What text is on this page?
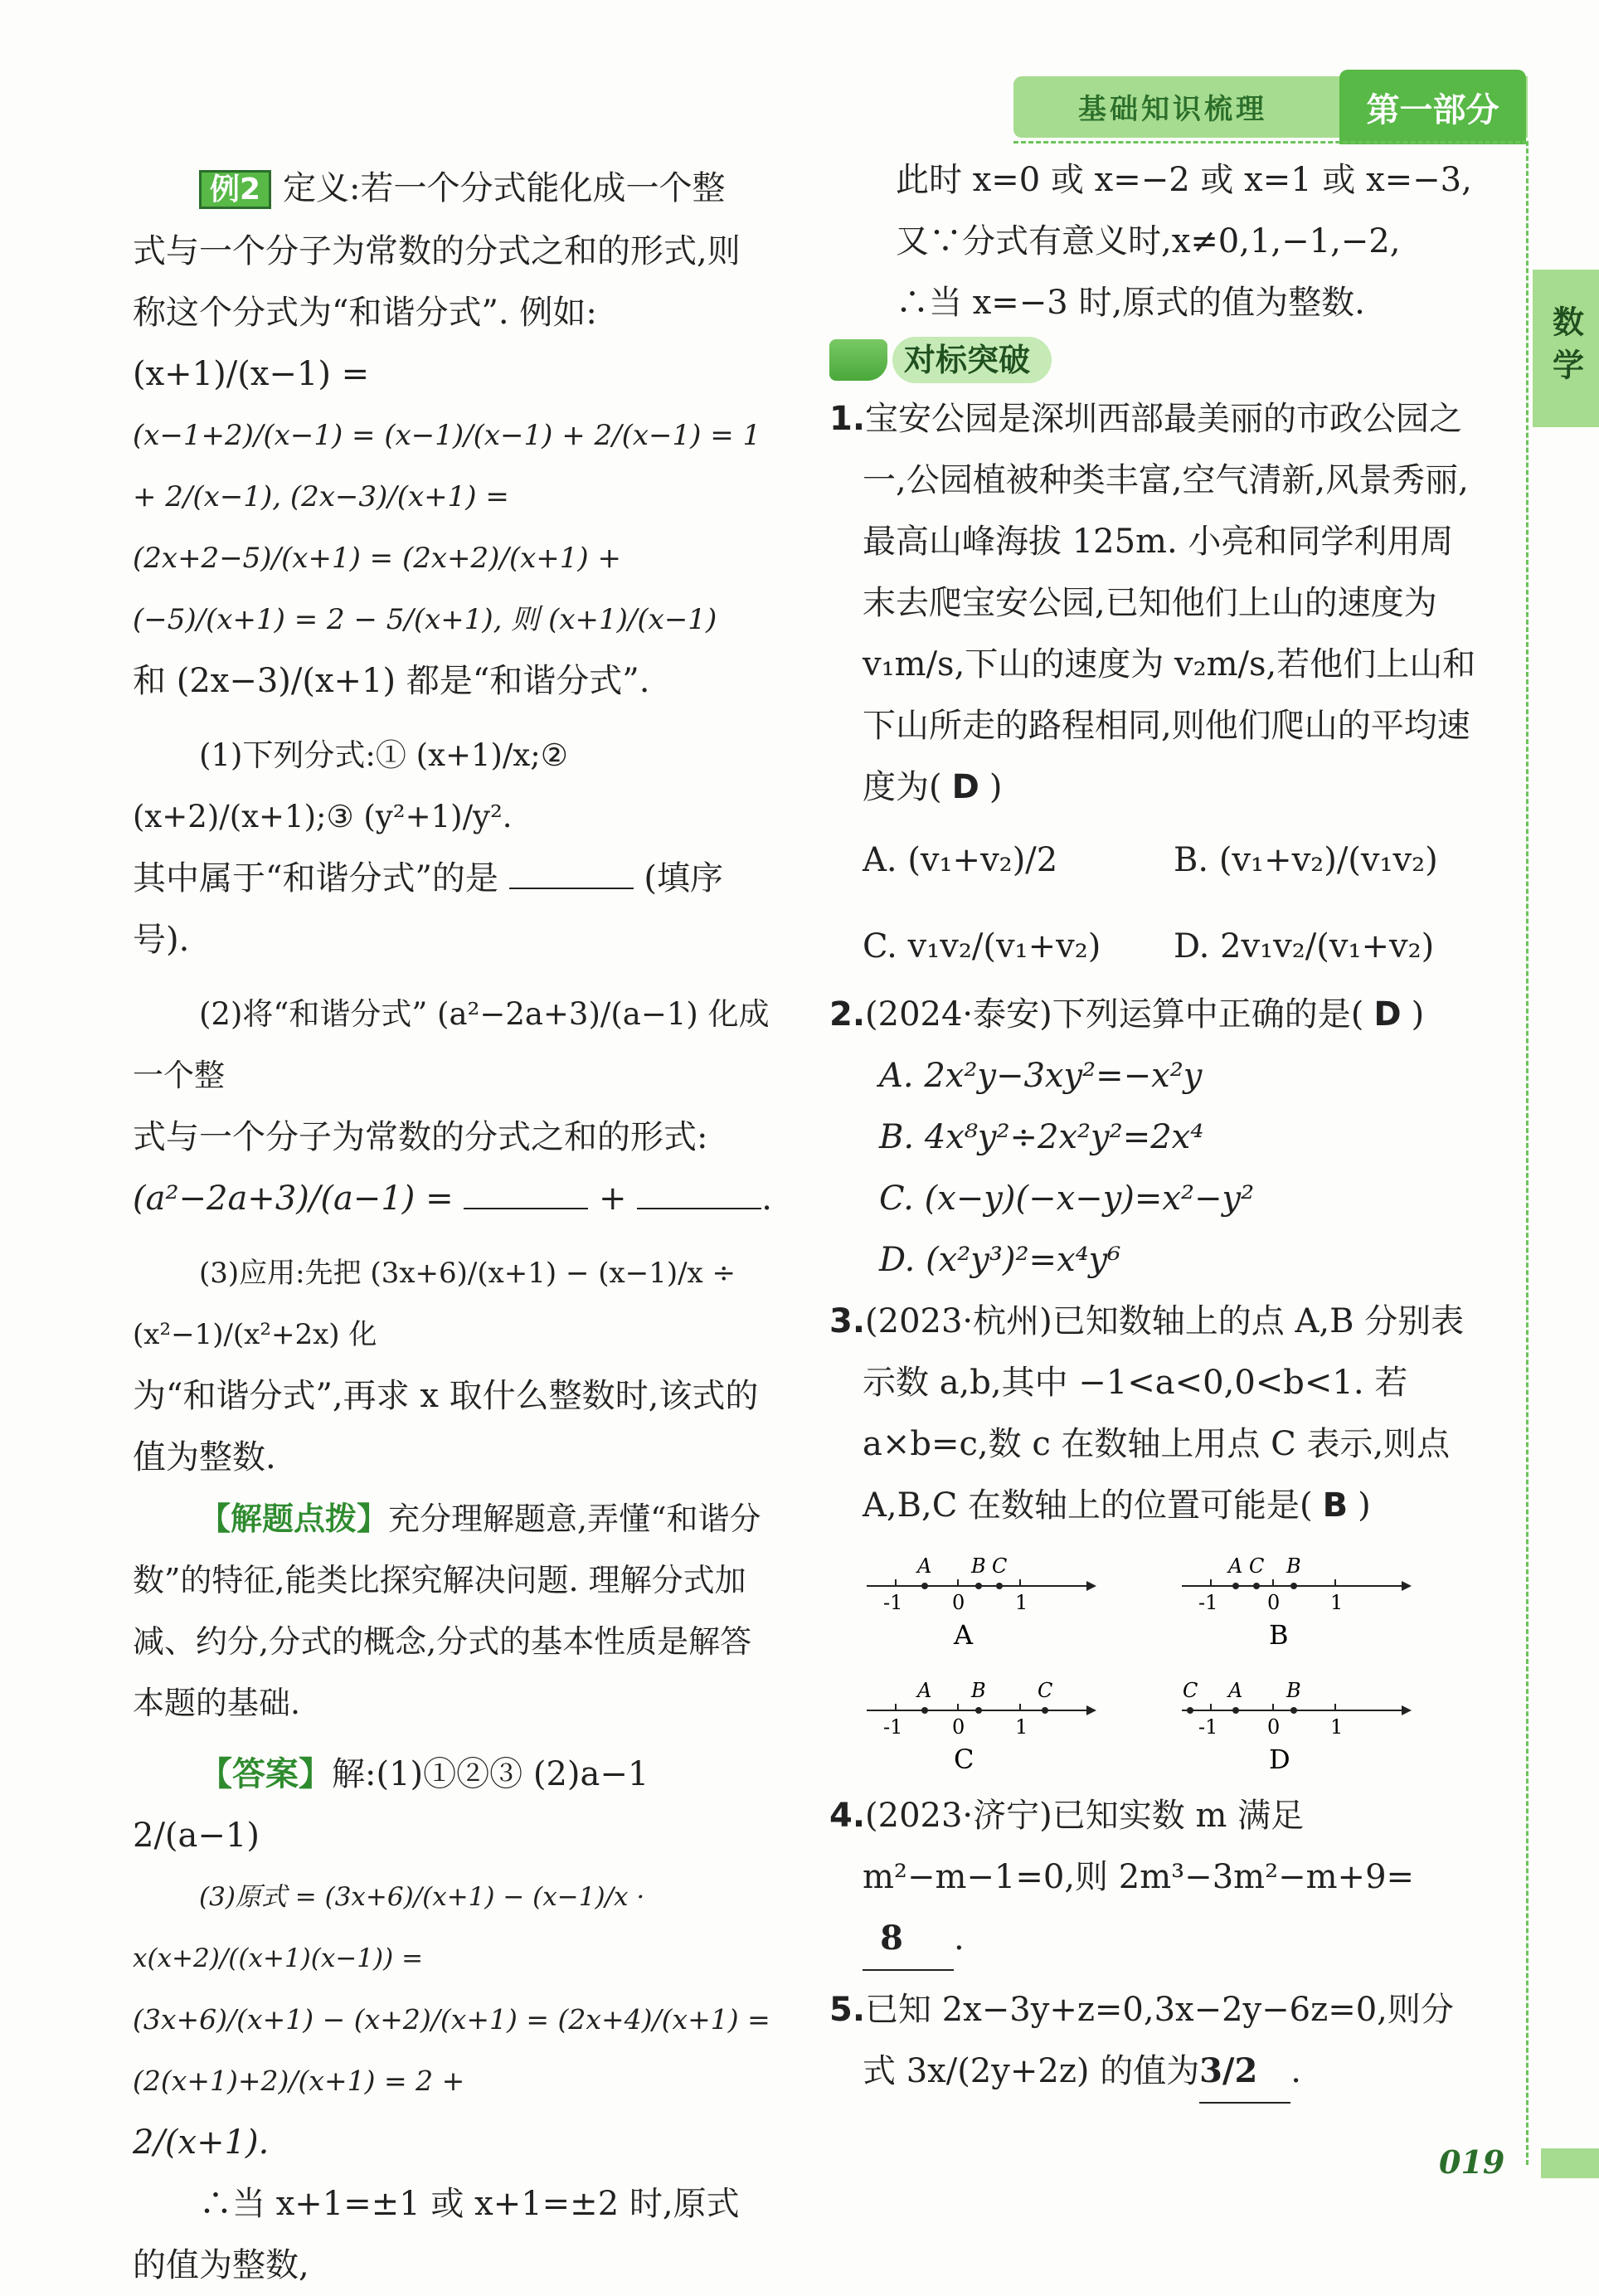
基础知识梳理	第一部分
数学
019

例2 定义:若一个分式能化成一个整

式与一个分子为常数的分式之和的形式,则

称这个分式为“和谐分式”. 例如: (x+1)/(x−1) =

(x−1+2)/(x−1) = (x−1)/(x−1) + 2/(x−1) = 1 + 2/(x−1), (2x−3)/(x+1) =

(2x+2−5)/(x+1) = (2x+2)/(x+1) + (−5)/(x+1) = 2 − 5/(x+1), 则 (x+1)/(x−1)

和 (2x−3)/(x+1) 都是“和谐分式”.

(1)下列分式:① (x+1)/x;② (x+2)/(x+1);③ (y²+1)/y².

其中属于“和谐分式”的是	(填序号).

(2)将“和谐分式” (a²−2a+3)/(a−1) 化成一个整

式与一个分子为常数的分式之和的形式:

(a²−2a+3)/(a−1) =	+	.

(3)应用:先把 (3x+6)/(x+1) − (x−1)/x ÷ (x²−1)/(x²+2x) 化

为“和谐分式”,再求 x 取什么整数时,该式的

值为整数.

【解题点拨】充分理解题意,弄懂“和谐分数”的特征,能类比探究解决问题. 理解分式加减、约分,分式的概念,分式的基本性质是解答本题的基础.

【答案】解:(1)①②③ (2)a−1 2/(a−1)

(3)原式 = (3x+6)/(x+1) − (x−1)/x · x(x+2)/((x+1)(x−1)) =

(3x+6)/(x+1) − (x+2)/(x+1) = (2x+4)/(x+1) = (2(x+1)+2)/(x+1) = 2 +

2/(x+1).

∴当 x+1=±1 或 x+1=±2 时,原式

的值为整数,

此时 x=0 或 x=−2 或 x=1 或 x=−3,

又∵分式有意义时,x≠0,1,−1,−2,

∴当 x=−3 时,原式的值为整数.

对标突破

1.宝安公园是深圳西部最美丽的市政公园之一,公园植被种类丰富,空气清新,风景秀丽,最高山峰海拔 125m. 小亮和同学利用周末去爬宝安公园,已知他们上山的速度为 v₁m/s,下山的速度为 v₂m/s,若他们上山和下山所走的路程相同,则他们爬山的平均速度为( D )

A. (v₁+v₂)/2	B. (v₁+v₂)/(v₁v₂)
C. v₁v₂/(v₁+v₂)	D. 2v₁v₂/(v₁+v₂)

2.(2024·泰安)下列运算中正确的是( D )

A. 2x²y−3xy²=−x²y
B. 4x⁸y²÷2x²y²=2x⁴
C. (x−y)(−x−y)=x²−y²
D. (x²y³)²=x⁴y⁶

3.(2023·杭州)已知数轴上的点 A,B 分别表示数 a,b,其中 −1<a<0,0<b<1. 若 a×b=c,数 c 在数轴上用点 C 表示,则点 A,B,C 在数轴上的位置可能是( B )

-1 0	1
A B C
A
-1 0	1
A C B
B
-1 0	1
A B	C
C
-1 0	1
C A B
D

4.(2023·济宁)已知实数 m 满足 m²−m−1=0,则 2m³−3m²−m+9=8 .

5.已知 2x−3y+z=0,3x−2y−6z=0,则分式 3x/(2y+2z) 的值为3/2 .
